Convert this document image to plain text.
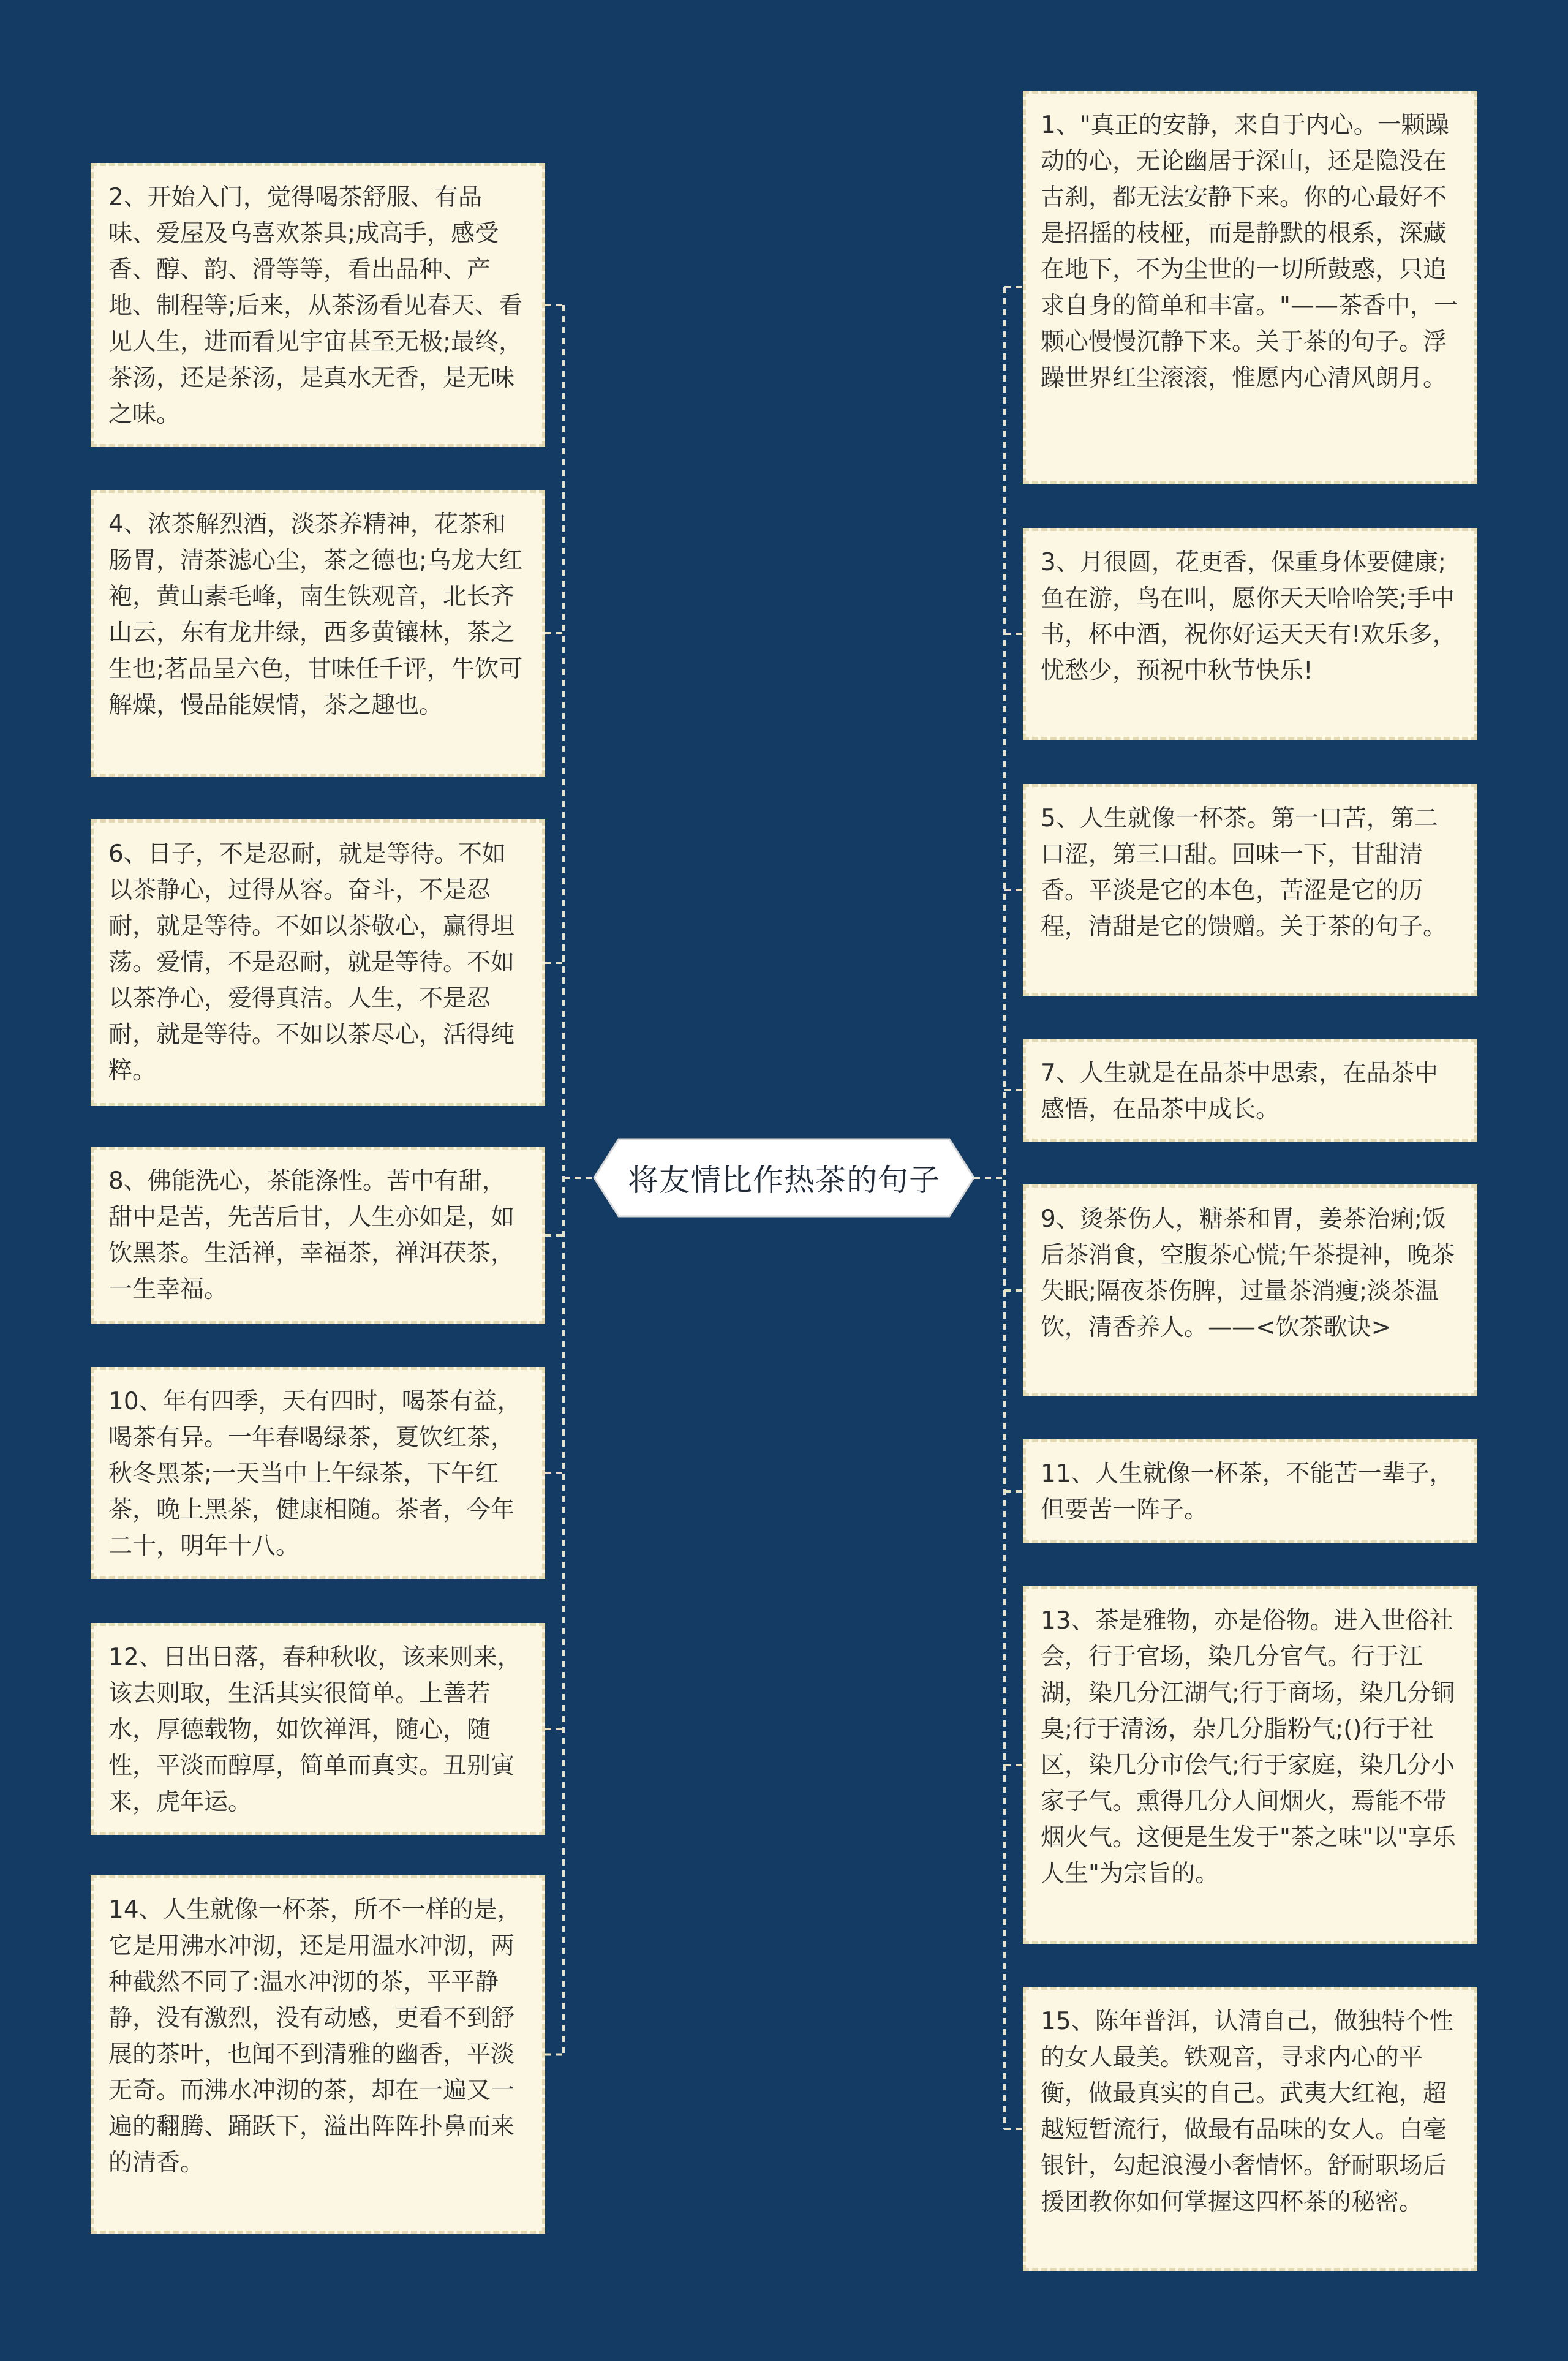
将友情比作热茶的句子
2、开始入门，觉得喝茶舒服、有品味、爱屋及乌喜欢茶具;成高手，感受香、醇、韵、滑等等，看出品种、产地、制程等;后来，从茶汤看见春天、看见人生，进而看见宇宙甚至无极;最终，茶汤，还是茶汤，是真水无香，是无味之味。
4、浓茶解烈酒，淡茶养精神，花茶和肠胃，清茶滤心尘，茶之德也;乌龙大红袍，黄山素毛峰，南生铁观音，北长齐山云，东有龙井绿，西多黄镶林，茶之生也;茗品呈六色，甘味任千评，牛饮可解燥，慢品能娱情，茶之趣也。
6、日子，不是忍耐，就是等待。不如以茶静心，过得从容。奋斗，不是忍耐，就是等待。不如以茶敬心，赢得坦荡。爱情，不是忍耐，就是等待。不如以茶净心，爱得真洁。人生，不是忍耐，就是等待。不如以茶尽心，活得纯粹。
8、佛能洗心，茶能涤性。苦中有甜，甜中是苦，先苦后甘，人生亦如是，如饮黑茶。生活禅，幸福茶，禅洱茯茶，一生幸福。
10、年有四季，天有四时，喝茶有益，喝茶有异。一年春喝绿茶，夏饮红茶，秋冬黑茶;一天当中上午绿茶，下午红茶，晚上黑茶，健康相随。茶者，今年二十，明年十八。
12、日出日落，春种秋收，该来则来，该去则取，生活其实很简单。上善若水，厚德载物，如饮禅洱，随心，随性，平淡而醇厚，简单而真实。丑别寅来，虎年运。
14、人生就像一杯茶，所不一样的是，它是用沸水冲沏，还是用温水冲沏，两种截然不同了:温水冲沏的茶，平平静静，没有激烈，没有动感，更看不到舒展的茶叶，也闻不到清雅的幽香，平淡无奇。而沸水冲沏的茶，却在一遍又一遍的翻腾、踊跃下，溢出阵阵扑鼻而来的清香。
1、"真正的安静，来自于内心。一颗躁动的心，无论幽居于深山，还是隐没在古刹，都无法安静下来。你的心最好不是招摇的枝桠，而是静默的根系，深藏在地下，不为尘世的一切所鼓惑，只追求自身的简单和丰富。"——茶香中，一颗心慢慢沉静下来。关于茶的句子。浮躁世界红尘滚滚，惟愿内心清风朗月。
3、月很圆，花更香，保重身体要健康;鱼在游，鸟在叫，愿你天天哈哈笑;手中书，杯中酒，祝你好运天天有!欢乐多，忧愁少，预祝中秋节快乐!
5、人生就像一杯茶。第一口苦，第二口涩，第三口甜。回味一下，甘甜清香。平淡是它的本色，苦涩是它的历程，清甜是它的馈赠。关于茶的句子。
7、人生就是在品茶中思索，在品茶中感悟，在品茶中成长。
9、烫茶伤人，糖茶和胃，姜茶治痢;饭后茶消食，空腹茶心慌;午茶提神，晚茶失眠;隔夜茶伤脾，过量茶消瘦;淡茶温饮，清香养人。——<饮茶歌诀>
11、人生就像一杯茶，不能苦一辈子，但要苦一阵子。
13、茶是雅物，亦是俗物。进入世俗社会，行于官场，染几分官气。行于江湖，染几分江湖气;行于商场，染几分铜臭;行于清汤，杂几分脂粉气;()行于社区，染几分市侩气;行于家庭，染几分小家子气。熏得几分人间烟火，焉能不带烟火气。这便是生发于"茶之味"以"享乐人生"为宗旨的。
15、陈年普洱，认清自己，做独特个性的女人最美。铁观音，寻求内心的平衡，做最真实的自己。武夷大红袍，超越短暂流行，做最有品味的女人。白毫银针，勾起浪漫小奢情怀。舒耐职场后援团教你如何掌握这四杯茶的秘密。
